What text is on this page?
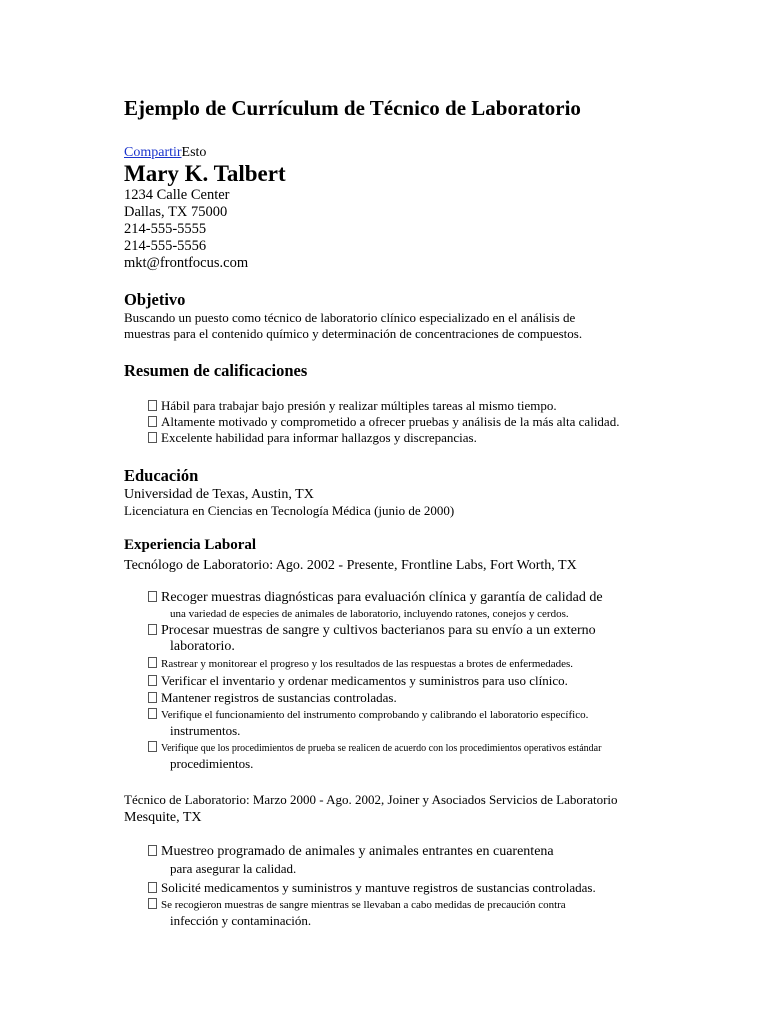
Ejemplo de Currículum de Técnico de Laboratorio
CompartirEsto
Mary K. Talbert
1234 Calle Center
Dallas, TX 75000
214-555-5555
214-555-5556
mkt@frontfocus.com
Objetivo
Buscando un puesto como técnico de laboratorio clínico especializado en el análisis de
muestras para el contenido químico y determinación de concentraciones de compuestos.
Resumen de calificaciones
Hábil para trabajar bajo presión y realizar múltiples tareas al mismo tiempo.
Altamente motivado y comprometido a ofrecer pruebas y análisis de la más alta calidad.
Excelente habilidad para informar hallazgos y discrepancias.
Educación
Universidad de Texas, Austin, TX
Licenciatura en Ciencias en Tecnología Médica (junio de 2000)
Experiencia Laboral
Tecnólogo de Laboratorio: Ago. 2002 - Presente, Frontline Labs, Fort Worth, TX
Recoger muestras diagnósticas para evaluación clínica y garantía de calidad de
una variedad de especies de animales de laboratorio, incluyendo ratones, conejos y cerdos.
Procesar muestras de sangre y cultivos bacterianos para su envío a un externo
laboratorio.
Rastrear y monitorear el progreso y los resultados de las respuestas a brotes de enfermedades.
Verificar el inventario y ordenar medicamentos y suministros para uso clínico.
Mantener registros de sustancias controladas.
Verifique el funcionamiento del instrumento comprobando y calibrando el laboratorio específico.
instrumentos.
Verifique que los procedimientos de prueba se realicen de acuerdo con los procedimientos operativos estándar
procedimientos.
Técnico de Laboratorio: Marzo 2000 - Ago. 2002, Joiner y Asociados Servicios de Laboratorio
Mesquite, TX
Muestreo programado de animales y animales entrantes en cuarentena
para asegurar la calidad.
Solicité medicamentos y suministros y mantuve registros de sustancias controladas.
Se recogieron muestras de sangre mientras se llevaban a cabo medidas de precaución contra
infección y contaminación.
